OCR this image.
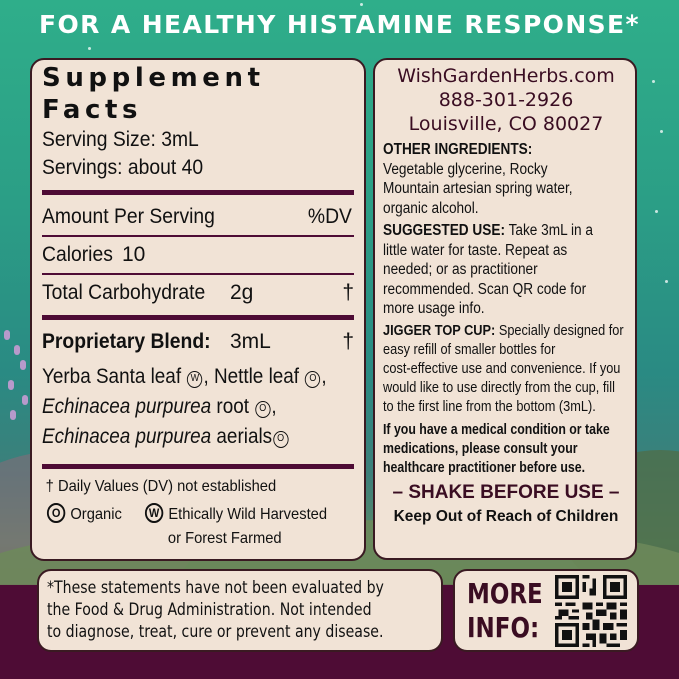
FOR A HEALTHY HISTAMINE RESPONSE*
Supplement Facts
Serving Size: 3mL
Servings: about 40
Amount Per Serving	%DV
Calories 10
Total Carbohydrate 2g	†
Proprietary Blend: 3mL	†
Yerba Santa leaf W , Nettle leaf O ,
Echinacea purpurea root O ,
Echinacea purpurea aerials O
† Daily Values (DV) not established
O Organic	W Ethically Wild Harvested
or Forest Farmed
WishGardenHerbs.com
888-301-2926
Louisville, CO 80027
OTHER INGREDIENTS:
Vegetable glycerine, Rocky
Mountain artesian spring water,
organic alcohol.
SUGGESTED USE: Take 3mL in a
little water for taste. Repeat as
needed; or as practitioner
recommended. Scan QR code for
more usage info.
JIGGER TOP CUP: Specially designed for
easy refill of smaller bottles for
cost-effective use and convenience. If you
would like to use directly from the cup, fill
to the first line from the bottom (3mL).
If you have a medical condition or take
medications, please consult your
healthcare practitioner before use.
– SHAKE BEFORE USE –
Keep Out of Reach of Children
*These statements have not been evaluated by
the Food & Drug Administration. Not intended
to diagnose, treat, cure or prevent any disease.
MORE
INFO:
